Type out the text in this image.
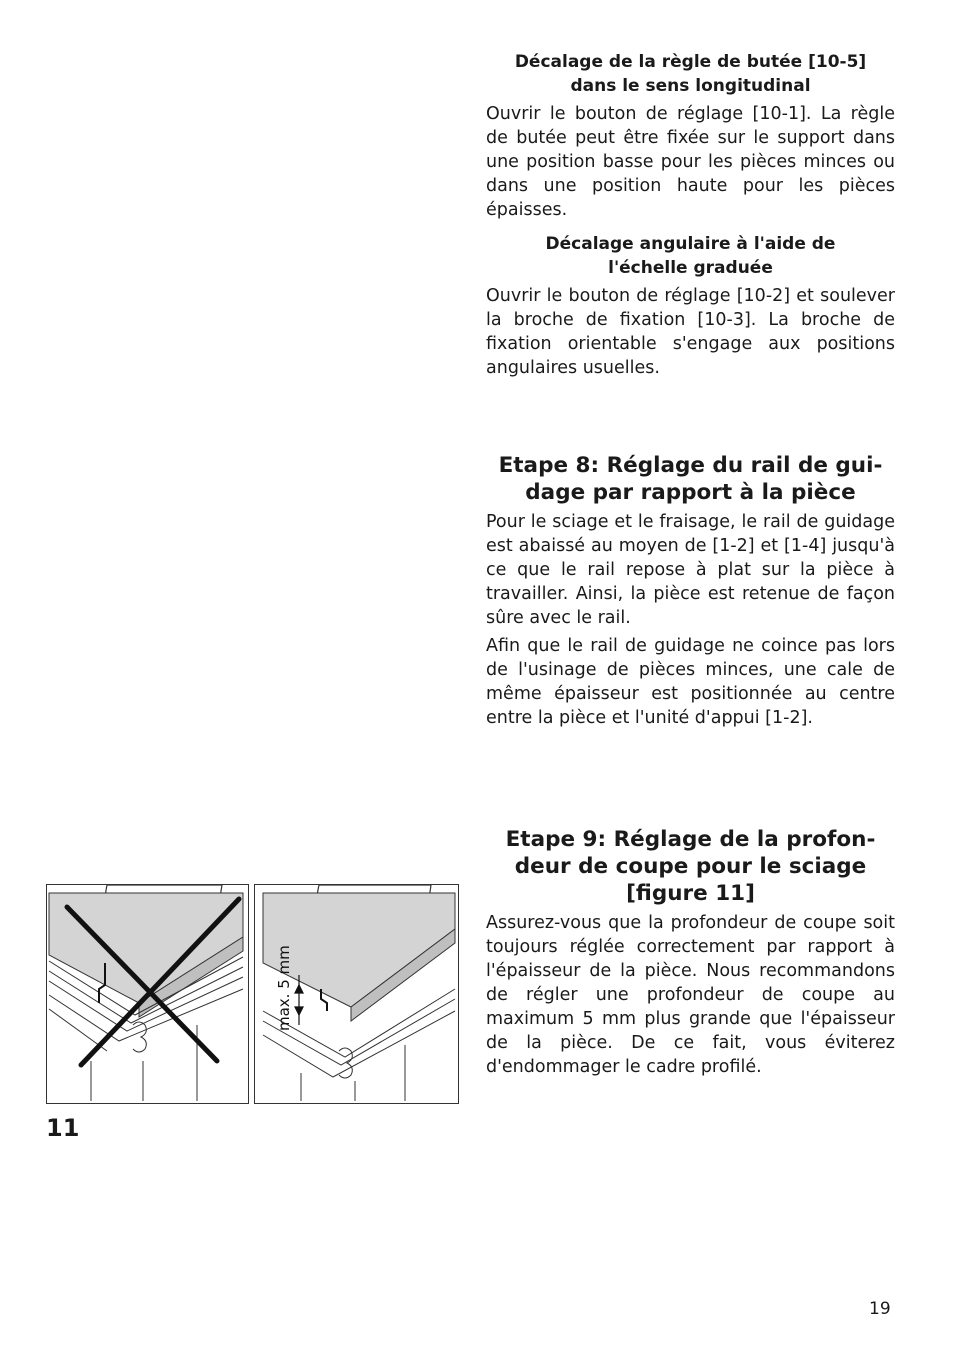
Décalage de la règle de butée [10-5]

dans le sens longitudinal

Ouvrir le bouton de réglage [10-1]. La règle de butée peut être fixée sur le support dans une position basse pour les pièces minces ou dans une position haute pour les pièces épaisses.

Décalage angulaire à l'aide de

l'échelle graduée

Ouvrir le bouton de réglage [10-2] et soulever la broche de fixation [10-3]. La broche de fixation orientable s'engage aux positions angulaires usuelles.

Etape 8: Réglage du rail de gui-

dage par rapport à la pièce

Pour le sciage et le fraisage, le rail de guidage est abaissé au moyen de [1-2] et [1-4] jusqu'à ce que le rail repose à plat sur la pièce à travailler. Ainsi, la pièce est retenue de façon sûre avec le rail.

Afin que le rail de guidage ne coince pas lors de l'usinage de pièces minces, une cale de même épaisseur est positionnée au centre entre la pièce et l'unité d'appui [1-2].

Etape 9: Réglage de la profon-

deur de coupe pour le sciage

[figure 11]

Assurez-vous que la profondeur de coupe soit toujours réglée correctement par rapport à l'épaisseur de la pièce. Nous recommandons de régler une profondeur de coupe au maximum 5 mm plus grande que l'épaisseur de la pièce. De ce fait, vous éviterez d'endommager le cadre profilé.

max. 5 mm
11
19
